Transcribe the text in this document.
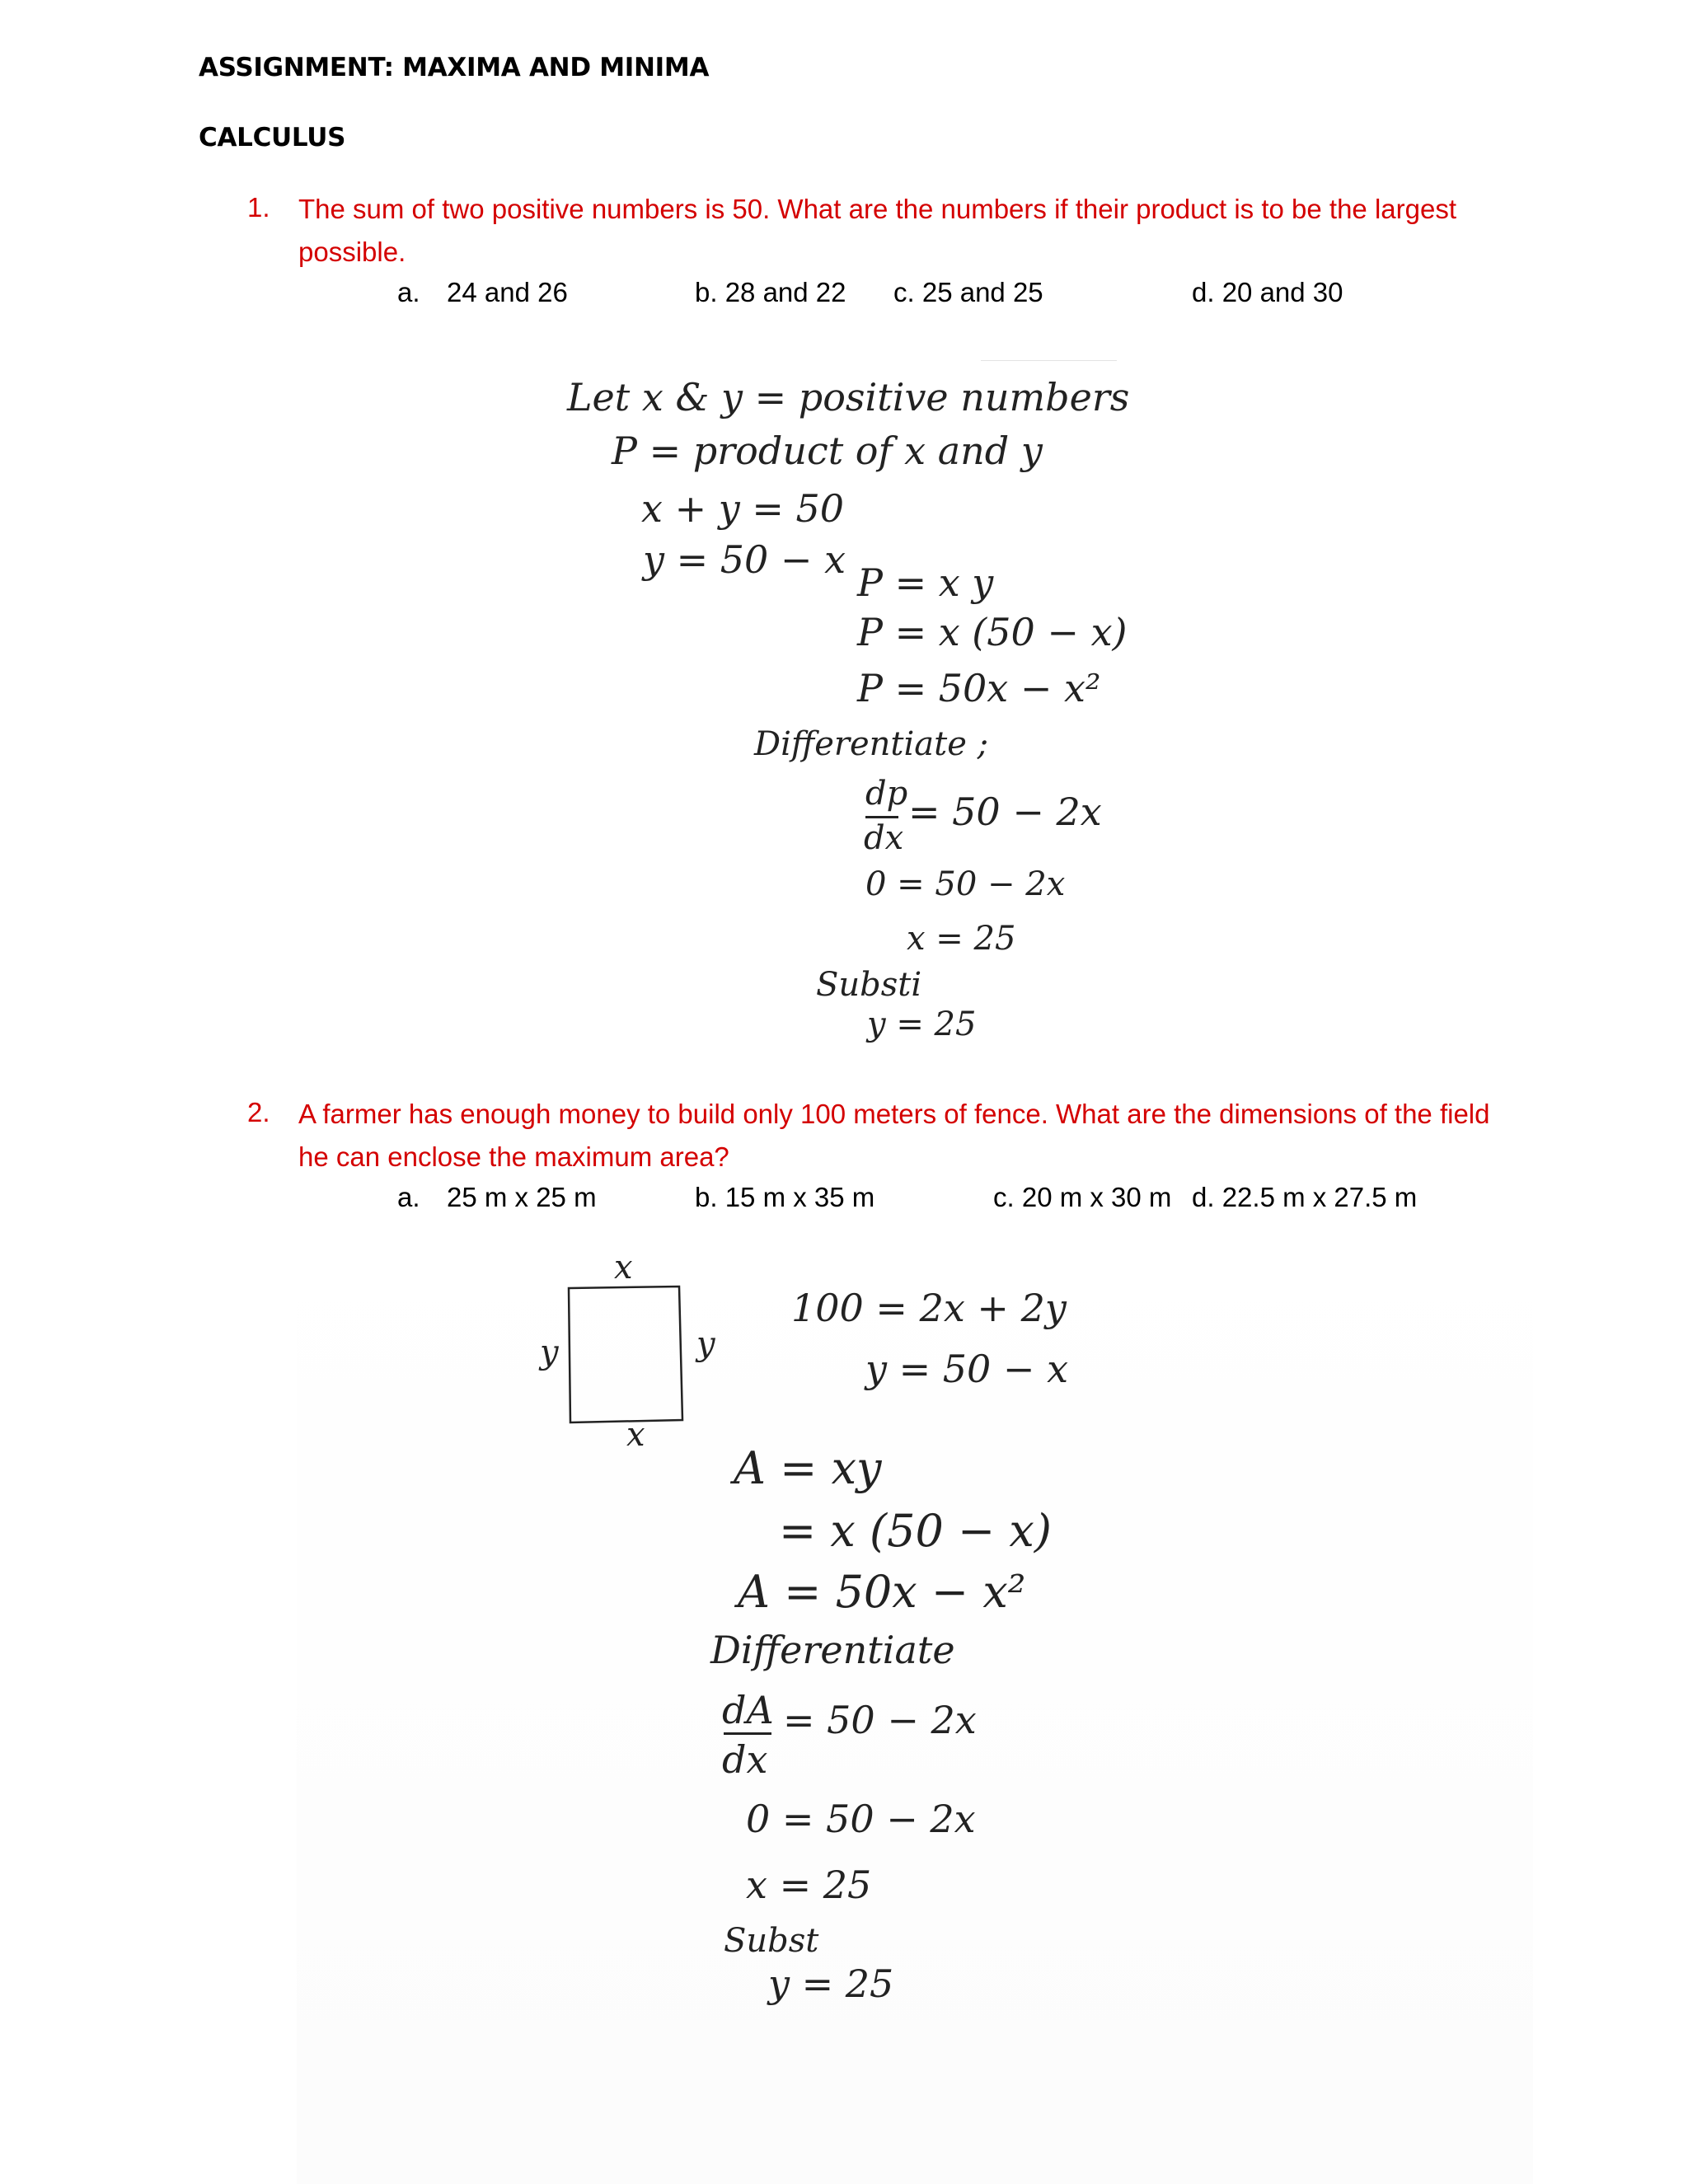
ASSIGNMENT: MAXIMA AND MINIMA
CALCULUS
1. The sum of two positive numbers is 50. What are the numbers if their product is to be the largest possible.
a. 24 and 26	b. 28 and 22 c. 25 and 25	d. 20 and 30
Let x & y = positive numbers
P = product of x and y
x + y = 50
y = 50 − x
P = x y
P = x (50 − x)
P = 50x − x²
Differentiate ;
dp
dx
= 50 − 2x
0 = 50 − 2x
x = 25
Substi
y = 25
2. A farmer has enough money to build only 100 meters of fence. What are the dimensions of the field he can enclose the maximum area?
a. 25 m x 25 m	b. 15 m x 35 m	c. 20 m x 30 m d. 22.5 m x 27.5 m
x
y	y
x
100 = 2x + 2y
y = 50 − x
A = xy
= x (50 − x)
A = 50x − x²
Differentiate
dA
dx
= 50 − 2x
0 = 50 − 2x
x = 25
Subst
y = 25
